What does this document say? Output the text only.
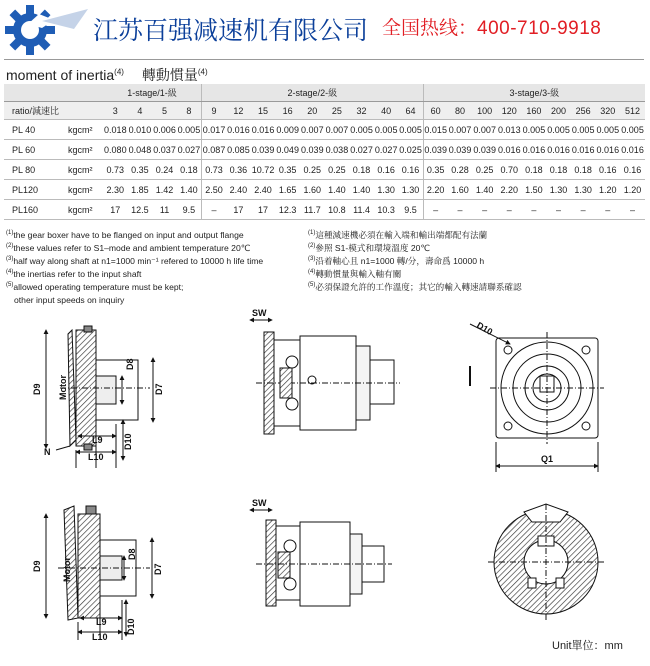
江苏百强减速机有限公司 全国热线：400-710-9918
moment of inertia$^{(4)}$ 轉動慣量$^{(4)}$
		1-stage/1-級				2-stage/2-級									3-stage/3-級								
ratio/減速比		3	4	5	8	9	12	15	16	20	25	32	40	64	60	80	100	120	160	200	256	320	512
PL 40	kgcm²	0.018	0.010	0.006	0.005	0.017	0.016	0.016	0.009	0.007	0.007	0.005	0.005	0.005	0.015	0.007	0.007	0.013	0.005	0.005	0.005	0.005	0.005
PL 60	kgcm²	0.080	0.048	0.037	0.027	0.087	0.085	0.039	0.049	0.039	0.038	0.027	0.027	0.025	0.039	0.039	0.039	0.016	0.016	0.016	0.016	0.016	0.016
PL 80	kgcm²	0.73	0.35	0.24	0.18	0.73	0.36	10.72	0.35	0.25	0.25	0.18	0.16	0.16	0.35	0.28	0.25	0.70	0.18	0.18	0.18	0.16	0.16
PL120	kgcm²	2.30	1.85	1.42	1.40	2.50	2.40	2.40	1.65	1.60	1.40	1.40	1.30	1.30	2.20	1.60	1.40	2.20	1.50	1.30	1.30	1.20	1.20
PL160	kgcm²	17	12.5	11	9.5	–	17	17	12.3	11.7	10.8	11.4	10.3	9.5	–	–	–	–	–	–	–	–	–
$^{(1)}$the gear boxer have to be flanged on input and output flange
$^{(2)}$these values refer to S1–mode and ambient temperature 20℃
$^{(3)}$half way along shaft at n1=1000 min⁻¹ refered to 10000 h life time
$^{(4)}$the inertias refer to the input shaft
$^{(5)}$allowed operating temperature must be kept;
other input speeds on inquiry
$^{(1)}$這種減速機必須在輸入端和輸出端都配有法蘭
$^{(2)}$參照 S1-模式和環境溫度 20℃
$^{(3)}$沿着軸心且 n1=1000 轉/分，壽命爲 10000 h
$^{(4)}$轉動慣量與輸入軸有關
$^{(5)}$必須保證允許的工作溫度；其它的輸入轉速請聯系確認
D9 Motor
D8
D7
L9
L10
D10
N
SW
D10
Q1
D9 Motor
D8
D7
L9
L10
D10
SW
Unit單位：mm
